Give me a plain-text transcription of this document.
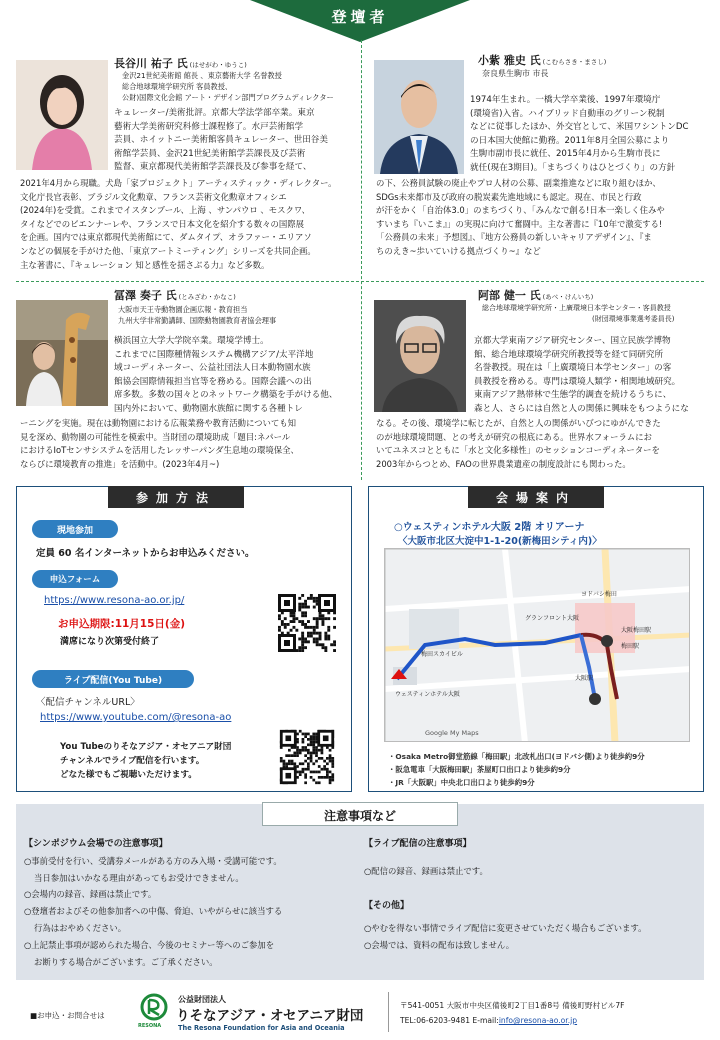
登壇者
長谷川 祐子 氏 (はせがわ・ゆうこ)
金沢21世紀美術館 館長 、東京藝術大学 名誉教授
総合地球環境学研究所 客員教授、
公財)国際文化会館 アート・デザイン部門プログラムディレクター
キュレーター/美術批評。京都大学法学部卒業。東京
藝術大学美術研究科修士課程修了。水戸芸術館学
芸員、ホイットニー美術館客員キュレーター、世田谷美
術館学芸員、金沢21世紀美術館学芸課長及び芸術
監督、東京都現代美術館学芸課長及び参事を経て、
2021年4月から現職。犬島「家プロジェクト」アーティスティック・ディレクター。
文化庁長官表彰、ブラジル文化勲章、フランス芸術文化勲章オフィシエ
(2024年)を受賞。これまでイスタンブール、上海 、サンパウロ 、モスクワ、
タイなどでのビエンナーレや、フランスで日本文化を紹介する数々の国際展
を企画。国内では東京都現代美術館にて、ダムタイプ、オラファー・エリアソ
ンなどの個展を手がけた他、「東京アートミーティング」シリーズを共同企画。
主な著書に、『キュレーション 知と感性を揺さぶる力』など多数。
小紫 雅史 氏 (こむらさき・まさし)
奈良県生駒市 市長
1974年生まれ。一橋大学卒業後、1997年環境庁
(環境省)入省。ハイブリッド自動車のグリーン税制
などに従事したほか、外交官として、米国ワシントンDC
の日本国大使館に勤務。2011年8月全国公募により
生駒市副市長に就任、2015年4月から生駒市長に
就任(現在3期目)。「まちづくりはひとづくり」の方針
の下、公務員試験の廃止やプロ人材の公募、副業推進などに取り組むほか、
SDGs未来都市及び政府の脱炭素先進地域にも認定。現在、市民と行政
が汗をかく「自治体3.0」のまちづくり、「みんなで創る!日本一楽しく住みや
すいまち『いこま』」の実現に向けて奮闘中。主な著書に『10年で激変する!
「公務員の未来」予想図』、『地方公務員の新しいキャリアデザイン』、『ま
ちのえき~歩いていける拠点づくり~』など
冨澤 奏子 氏 (とみざわ・かなこ)
大阪市天王寺動物園企画広報・教育担当
九州大学非常勤講師、国際動物園教育者協会理事
横浜国立大学大学院卒業。環境学博士。
これまでに国際種情報システム機構アジア/太平洋地
域コーディネーター、公益社団法人日本動物園水族
館協会国際情報担当官等を務める。国際会議への出
席多数。多数の国々とのネットワーク構築を手がける他、
国内外において、動物園水族館に関する各種トレ
ーニングを実施。現在は動物園における広報業務や教育活動についても知
見を深め、動物園の可能性を模索中。当財団の環境助成「題目:ネパール
におけるIoTセンサシステムを活用したレッサーパンダ生息地の環境保全、
ならびに環境教育の推進」を活動中。(2023年4月~)
阿部 健一 氏 (あべ・けんいち)
総合地球環境学研究所・上廣環境日本学センター・客員教授
(財団環境事業選考委員長)
京都大学東南アジア研究センター、国立民族学博物
館、総合地球環境学研究所教授等を経て同研究所
名誉教授。現在は「上廣環境日本学センター」の客
員教授を務める。専門は環境人類学・相関地域研究。
東南アジア熱帯林で生態学的調査を続けるうちに、
森と人、さらには自然と人の関係に興味をもつようにな
なる。その後、環境学に転じたが、自然と人の関係がいびつにゆがんできた
のが地球環境問題、との考えが研究の根底にある。世界水フォーラムにお
いてユネスコとともに「水と文化多様性」のセッションコーディネーターを
2003年からつとめ、FAOの世界農業遺産の制度設計にも関わった。
参加方法
現地参加
定員 60 名インターネットからお申込みください。
申込フォーム
https://www.resona-ao.or.jp/
お申込期限:11月15日(金)
満席になり次第受付終了
ライブ配信(You Tube)
〈配信チャンネルURL〉
https://www.youtube.com/@resona-ao
You Tubeのりそなアジア・オセアニア財団
チャンネルでライブ配信を行います。
どなた様でもご視聴いただけます。
会場案内
○ウェスティンホテル大阪 2階 オリアーナ
〈大阪市北区大淀中1-1-20(新梅田シティ内)〉
梅田スカイビル
ヨドバシ梅田
大阪駅
グランフロント大阪
梅田駅
大阪梅田駅
Google My Maps
ウェスティンホテル大阪
・Osaka Metro御堂筋線「梅田駅」北改札出口(ヨドバシ側)より徒歩約9分
・阪急電車「大阪梅田駅」茶屋町口出口より徒歩約9分
・JR「大阪駅」中央北口出口より徒歩約9分
注意事項など
【シンポジウム会場での注意事項】
○事前受付を行い、受講券メールがある方のみ入場・受講可能です。
当日参加はいかなる理由があってもお受けできません。
○会場内の録音、録画は禁止です。
○登壇者およびその他参加者への中傷、脅迫、いやがらせに該当する
行為はおやめください。
○上記禁止事項が認められた場合、今後のセミナー等へのご参加を
お断りする場合がございます。ご了承ください。
【ライブ配信の注意事項】
○配信の録音、録画は禁止です。
【その他】
○やむを得ない事情でライブ配信に変更させていただく場合もございます。
○会場では、資料の配布は致しません。
■お申込・お問合せは
RESONA
公益財団法人
りそなアジア・オセアニア財団
The Resona Foundation for Asia and Oceania
〒541-0051 大阪市中央区備後町2丁目1番8号 備後町野村ビル7F
TEL:06-6203-9481 E-mail:info@resona-ao.or.jp
